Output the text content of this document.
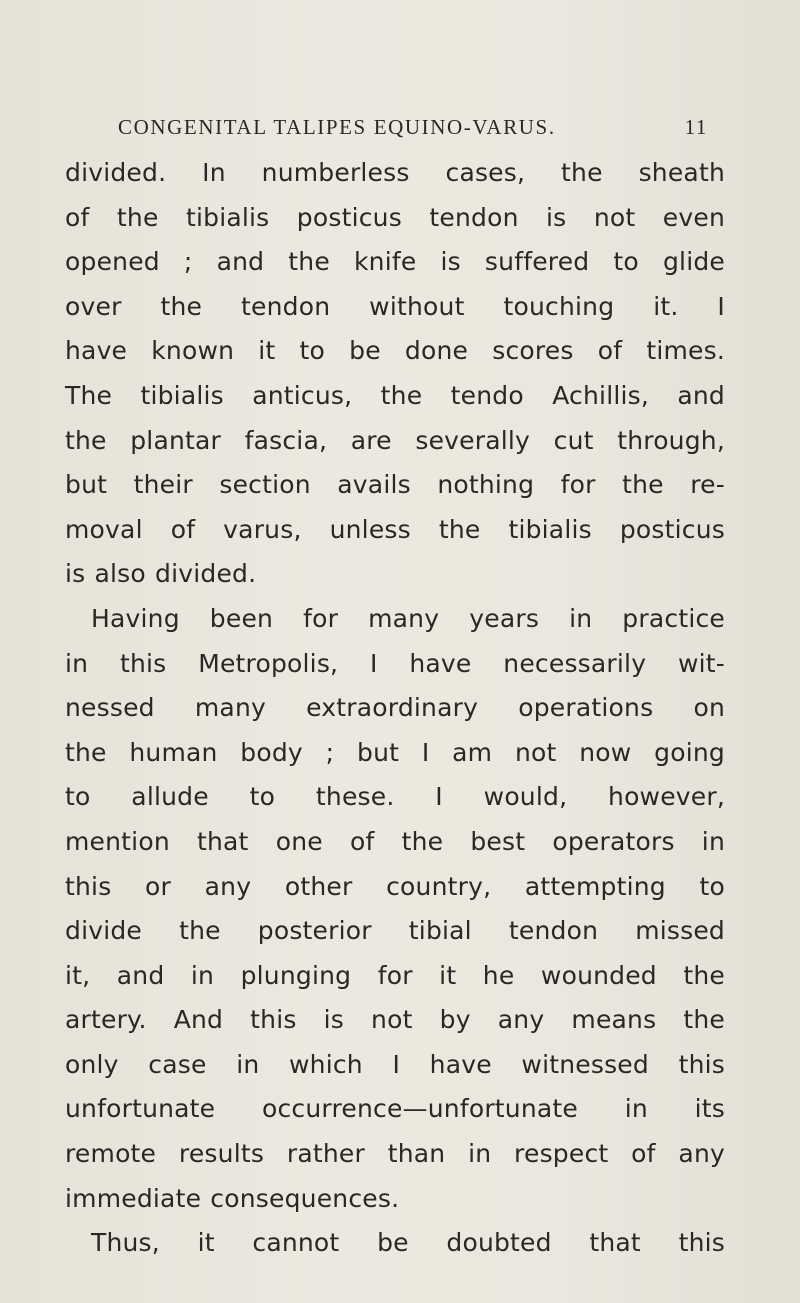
CONGENITAL TALIPES EQUINO-VARUS.	11
divided. In numberless cases, the sheath
of the tibialis posticus tendon is not even
opened ; and the knife is suffered to glide
over the tendon without touching it. I
have known it to be done scores of times.
The tibialis anticus, the tendo Achillis, and
the plantar fascia, are severally cut through,
but their section avails nothing for the re-
moval of varus, unless the tibialis posticus
is also divided.
Having been for many years in practice
in this Metropolis, I have necessarily wit-
nessed many extraordinary operations on
the human body ; but I am not now going
to allude to these. I would, however,
mention that one of the best operators in
this or any other country, attempting to
divide the posterior tibial tendon missed
it, and in plunging for it he wounded the
artery. And this is not by any means the
only case in which I have witnessed this
unfortunate occurrence—unfortunate in its
remote results rather than in respect of any
immediate consequences.
Thus, it cannot be doubted that this
